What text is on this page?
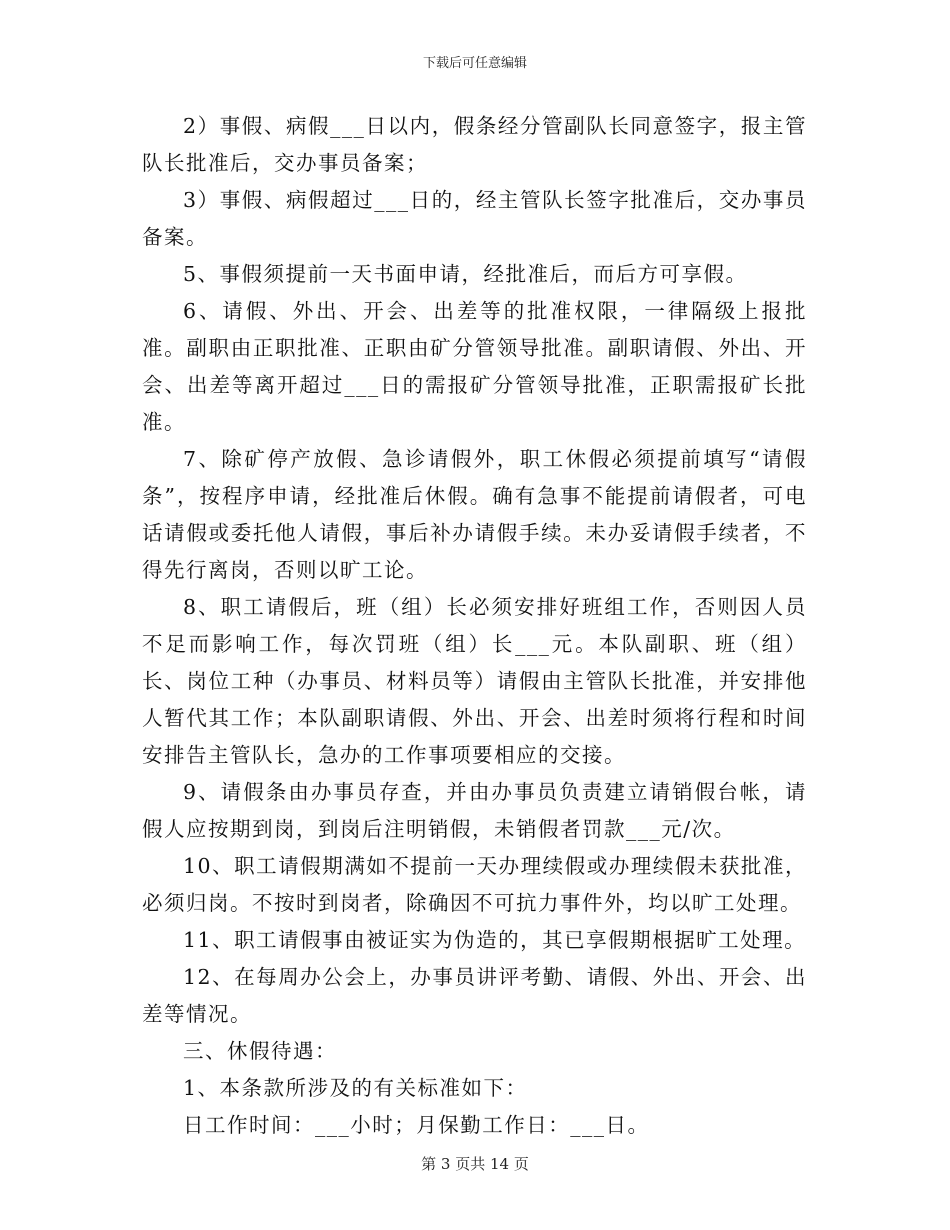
下载后可任意编辑

2）事假、病假___日以内，假条经分管副队长同意签字，报主管队长批准后，交办事员备案；

3）事假、病假超过___日的，经主管队长签字批准后，交办事员备案。

5、事假须提前一天书面申请，经批准后，而后方可享假。

6、请假、外出、开会、出差等的批准权限，一律隔级上报批准。副职由正职批准、正职由矿分管领导批准。副职请假、外出、开会、出差等离开超过___日的需报矿分管领导批准，正职需报矿长批准。

7、除矿停产放假、急诊请假外，职工休假必须提前填写“请假条”，按程序申请，经批准后休假。确有急事不能提前请假者，可电话请假或委托他人请假，事后补办请假手续。未办妥请假手续者，不得先行离岗，否则以旷工论。

8、职工请假后，班（组）长必须安排好班组工作，否则因人员不足而影响工作，每次罚班（组）长___元。本队副职、班（组）长、岗位工种（办事员、材料员等）请假由主管队长批准，并安排他人暂代其工作；本队副职请假、外出、开会、出差时须将行程和时间安排告主管队长，急办的工作事项要相应的交接。

9、请假条由办事员存查，并由办事员负责建立请销假台帐，请假人应按期到岗，到岗后注明销假，未销假者罚款___元/次。

10、职工请假期满如不提前一天办理续假或办理续假未获批准，必须归岗。不按时到岗者，除确因不可抗力事件外，均以旷工处理。

11、职工请假事由被证实为伪造的，其已享假期根据旷工处理。

12、在每周办公会上，办事员讲评考勤、请假、外出、开会、出差等情况。

三、休假待遇：

1、本条款所涉及的有关标准如下：

日工作时间：___小时；月保勤工作日：___日。

第 3 页共 14 页
